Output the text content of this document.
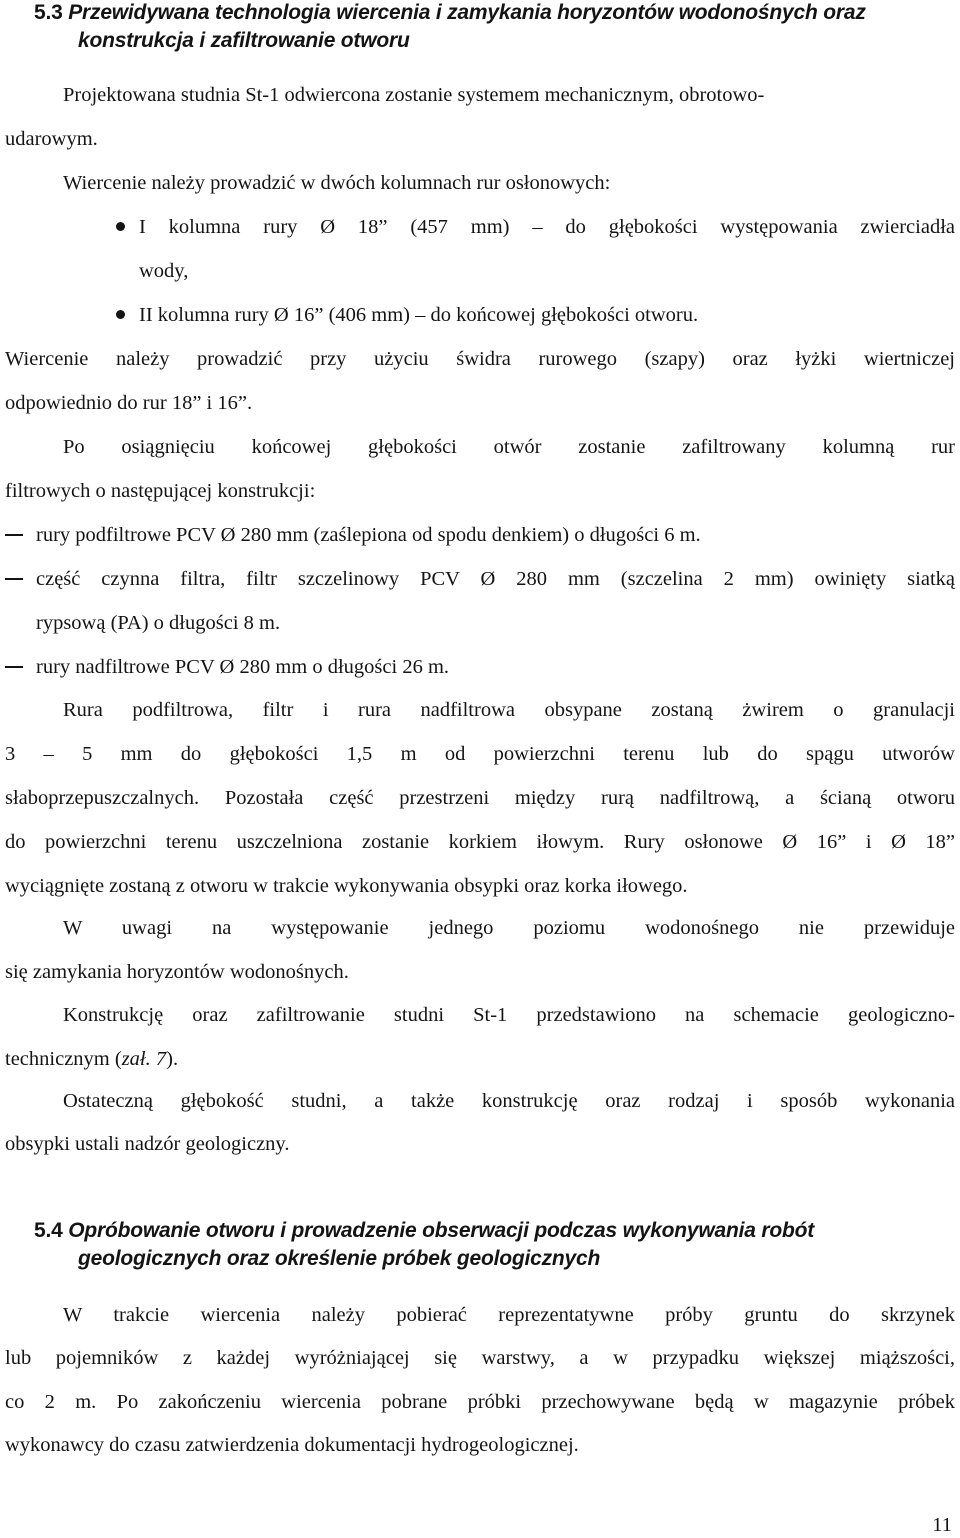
5.3 Przewidywana technologia wiercenia i zamykania horyzontów wodonośnych oraz
konstrukcja i zafiltrowanie otworu
Projektowana studnia St-1 odwiercona zostanie systemem mechanicznym, obrotowo-
udarowym.
Wiercenie należy prowadzić w dwóch kolumnach rur osłonowych:
I kolumna rury Ø 18” (457 mm) – do głębokości występowania zwierciadła
wody,
II kolumna rury Ø 16” (406 mm) – do końcowej głębokości otworu.
Wiercenie należy prowadzić przy użyciu świdra rurowego (szapy) oraz łyżki wiertniczej
odpowiednio do rur 18” i 16”.
Po osiągnięciu końcowej głębokości otwór zostanie zafiltrowany kolumną rur
filtrowych o następującej konstrukcji:
rury podfiltrowe PCV Ø 280 mm (zaślepiona od spodu denkiem) o długości 6 m.
część czynna filtra, filtr szczelinowy PCV Ø 280 mm (szczelina 2 mm) owinięty siatką
rypsową (PA) o długości 8 m.
rury nadfiltrowe PCV Ø 280 mm o długości 26 m.
Rura podfiltrowa, filtr i rura nadfiltrowa obsypane zostaną żwirem o granulacji
3 – 5 mm do głębokości 1,5 m od powierzchni terenu lub do spągu utworów
słaboprzepuszczalnych. Pozostała część przestrzeni między rurą nadfiltrową, a ścianą otworu
do powierzchni terenu uszczelniona zostanie korkiem iłowym. Rury osłonowe Ø 16” i Ø 18”
wyciągnięte zostaną z otworu w trakcie wykonywania obsypki oraz korka iłowego.
W uwagi na występowanie jednego poziomu wodonośnego nie przewiduje
się zamykania horyzontów wodonośnych.
Konstrukcję oraz zafiltrowanie studni St-1 przedstawiono na schemacie geologiczno-
technicznym (zał. 7).
Ostateczną głębokość studni, a także konstrukcję oraz rodzaj i sposób wykonania
obsypki ustali nadzór geologiczny.
5.4 Opróbowanie otworu i prowadzenie obserwacji podczas wykonywania robót
geologicznych oraz określenie próbek geologicznych
W trakcie wiercenia należy pobierać reprezentatywne próby gruntu do skrzynek
lub pojemników z każdej wyróżniającej się warstwy, a w przypadku większej miąższości,
co 2 m. Po zakończeniu wiercenia pobrane próbki przechowywane będą w magazynie próbek
wykonawcy do czasu zatwierdzenia dokumentacji hydrogeologicznej.
11
